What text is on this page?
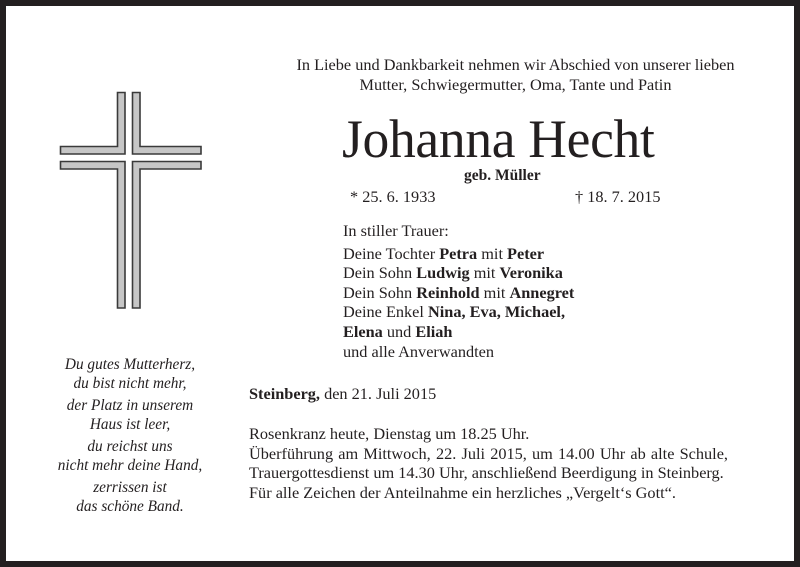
In Liebe und Dankbarkeit nehmen wir Abschied von unserer lieben
Mutter, Schwiegermutter, Oma, Tante und Patin
Johanna Hecht
geb. Müller
* 25. 6. 1933	† 18. 7. 2015
In stiller Trauer:
Deine Tochter Petra mit Peter
Dein Sohn Ludwig mit Veronika
Dein Sohn Reinhold mit Annegret
Deine Enkel Nina, Eva, Michael,
Elena und Eliah
und alle Anverwandten
Steinberg, den 21. Juli 2015
Rosenkranz heute, Dienstag um 18.25 Uhr.
Überführung am Mittwoch, 22. Juli 2015, um 14.00 Uhr ab alte Schule, Trauergottesdienst um 14.30 Uhr, anschließend Beerdigung in Steinberg.
Für alle Zeichen der Anteilnahme ein herzliches „Vergelt‘s Gott“.
Du gutes Mutterherz,
du bist nicht mehr,
der Platz in unserem
Haus ist leer,
du reichst uns
nicht mehr deine Hand,
zerrissen ist
das schöne Band.
